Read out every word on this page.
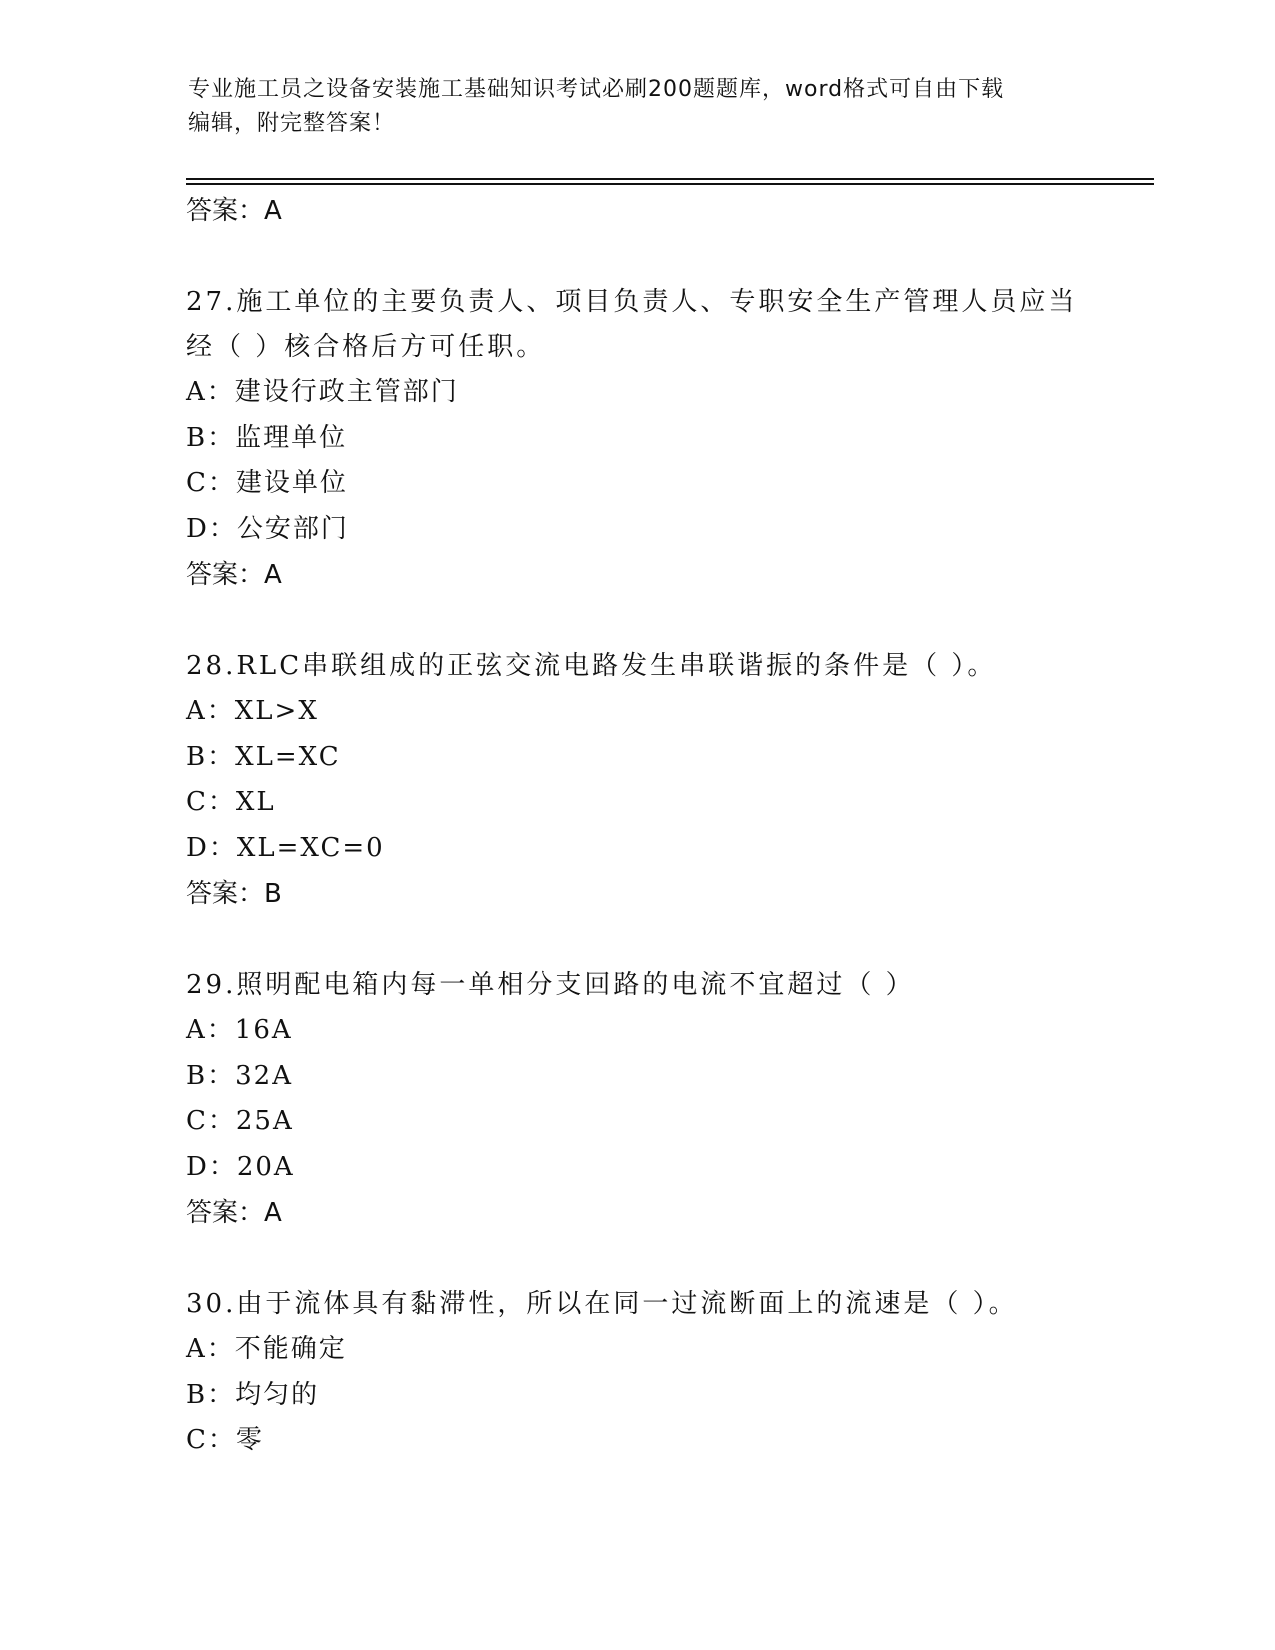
专业施工员之设备安装施工基础知识考试必刷200题题库，word格式可自由下载
编辑，附完整答案！
答案：A
27.施工单位的主要负责人、项目负责人、专职安全生产管理人员应当
经（ ）核合格后方可任职。
A：建设行政主管部门
B：监理单位
C：建设单位
D：公安部门
答案：A
28.RLC串联组成的正弦交流电路发生串联谐振的条件是（ ）。
A：XL>X
B：XL=XC
C：XL
D：XL=XC=0
答案：B
29.照明配电箱内每一单相分支回路的电流不宜超过（ ）
A：16A
B：32A
C：25A
D：20A
答案：A
30.由于流体具有黏滞性，所以在同一过流断面上的流速是（ ）。
A：不能确定
B：均匀的
C：零
